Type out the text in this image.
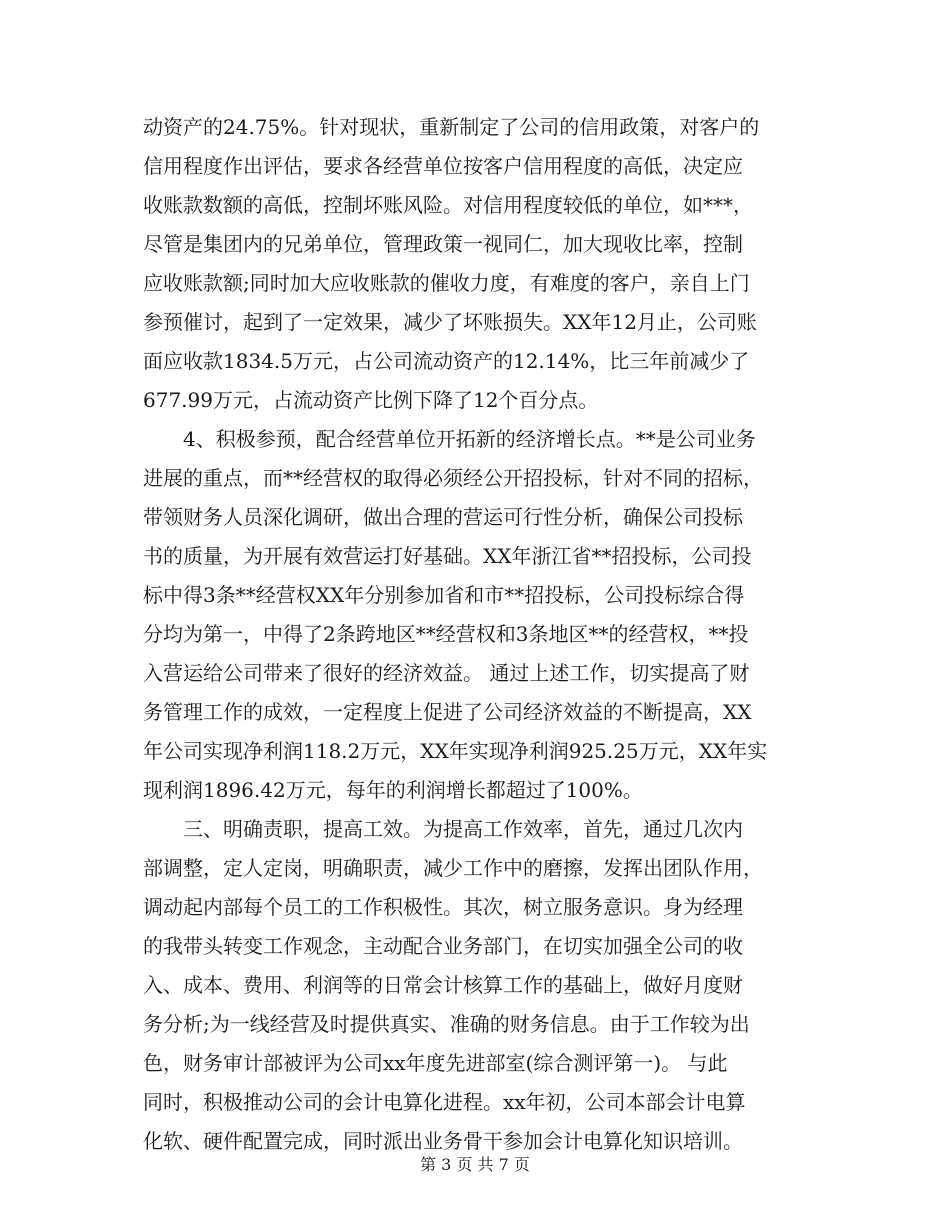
动资产的24.75%。针对现状，重新制定了公司的信用政策，对客户的
信用程度作出评估，要求各经营单位按客户信用程度的高低，决定应
收账款数额的高低，控制坏账风险。对信用程度较低的单位，如***，
尽管是集团内的兄弟单位，管理政策一视同仁，加大现收比率，控制
应收账款额;同时加大应收账款的催收力度，有难度的客户，亲自上门
参预催讨，起到了一定效果，减少了坏账损失。XX年12月止，公司账
面应收款1834.5万元，占公司流动资产的12.14%，比三年前减少了
677.99万元，占流动资产比例下降了12个百分点。
　　4、积极参预，配合经营单位开拓新的经济增长点。**是公司业务
进展的重点，而**经营权的取得必须经公开招投标，针对不同的招标，
带领财务人员深化调研，做出合理的营运可行性分析，确保公司投标
书的质量，为开展有效营运打好基础。XX年浙江省**招投标，公司投
标中得3条**经营权XX年分别参加省和市**招投标，公司投标综合得
分均为第一，中得了2条跨地区**经营权和3条地区**的经营权，**投
入营运给公司带来了很好的经济效益。 通过上述工作，切实提高了财
务管理工作的成效，一定程度上促进了公司经济效益的不断提高，XX
年公司实现净利润118.2万元，XX年实现净利润925.25万元，XX年实
现利润1896.42万元，每年的利润增长都超过了100%。
　　三、明确责职，提高工效。为提高工作效率，首先，通过几次内
部调整，定人定岗，明确职责，减少工作中的磨擦，发挥出团队作用，
调动起内部每个员工的工作积极性。其次，树立服务意识。身为经理
的我带头转变工作观念，主动配合业务部门，在切实加强全公司的收
入、成本、费用、利润等的日常会计核算工作的基础上，做好月度财
务分析;为一线经营及时提供真实、准确的财务信息。由于工作较为出
色，财务审计部被评为公司xx年度先进部室(综合测评第一)。 与此
同时，积极推动公司的会计电算化进程。xx年初，公司本部会计电算
化软、硬件配置完成，同时派出业务骨干参加会计电算化知识培训。
第 3 页 共 7 页
